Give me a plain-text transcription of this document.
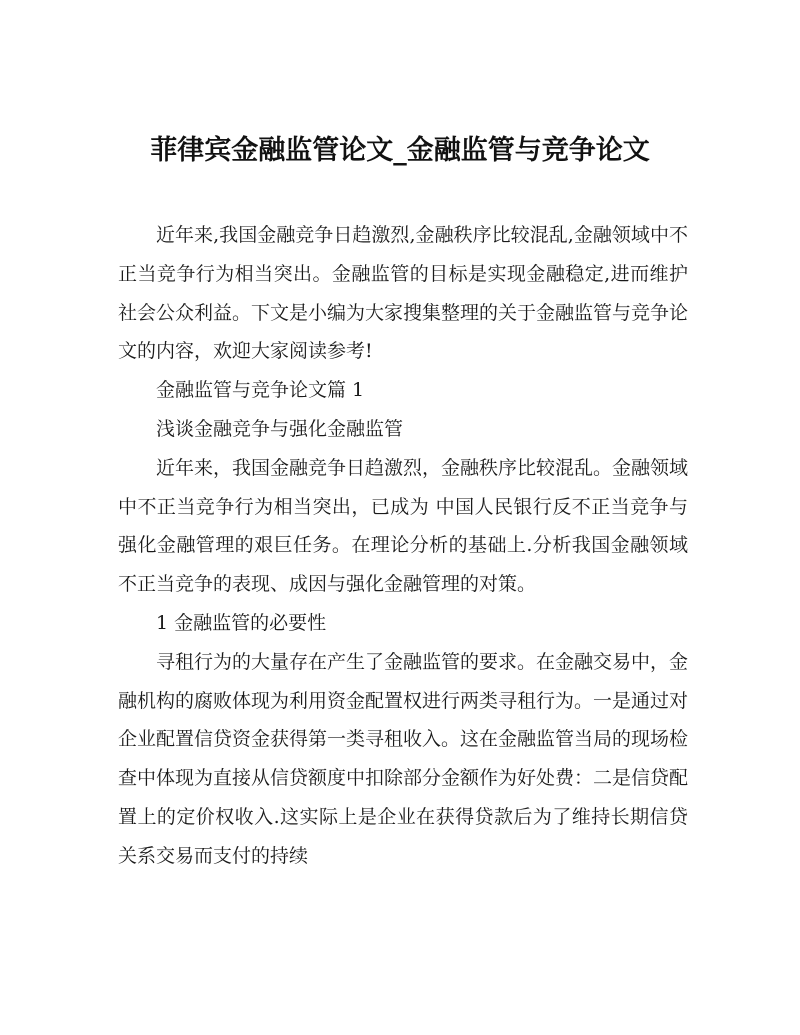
菲律宾金融监管论文_金融监管与竞争论文

近年来,我国金融竞争日趋激烈,金融秩序比较混乱,金融领域中不正当竞争行为相当突出。金融监管的目标是实现金融稳定,进而维护社会公众利益。下文是小编为大家搜集整理的关于金融监管与竞争论文的内容，欢迎大家阅读参考!

金融监管与竞争论文篇 1

浅谈金融竞争与强化金融监管

近年来，我国金融竞争日趋激烈，金融秩序比较混乱。金融领域中不正当竞争行为相当突出，已成为 中国人民银行反不正当竞争与强化金融管理的艰巨任务。在理论分析的基础上.分析我国金融领域不正当竞争的表现、成因与强化金融管理的对策。

1 金融监管的必要性

寻租行为的大量存在产生了金融监管的要求。在金融交易中，金融机构的腐败体现为利用资金配置权进行两类寻租行为。一是通过对 企业配置信贷资金获得第一类寻租收入。这在金融监管当局的现场检查中体现为直接从信贷额度中扣除部分金额作为好处费：二是信贷配置上的定价权收入.这实际上是企业在获得贷款后为了维持长期信贷关系交易而支付的持续
